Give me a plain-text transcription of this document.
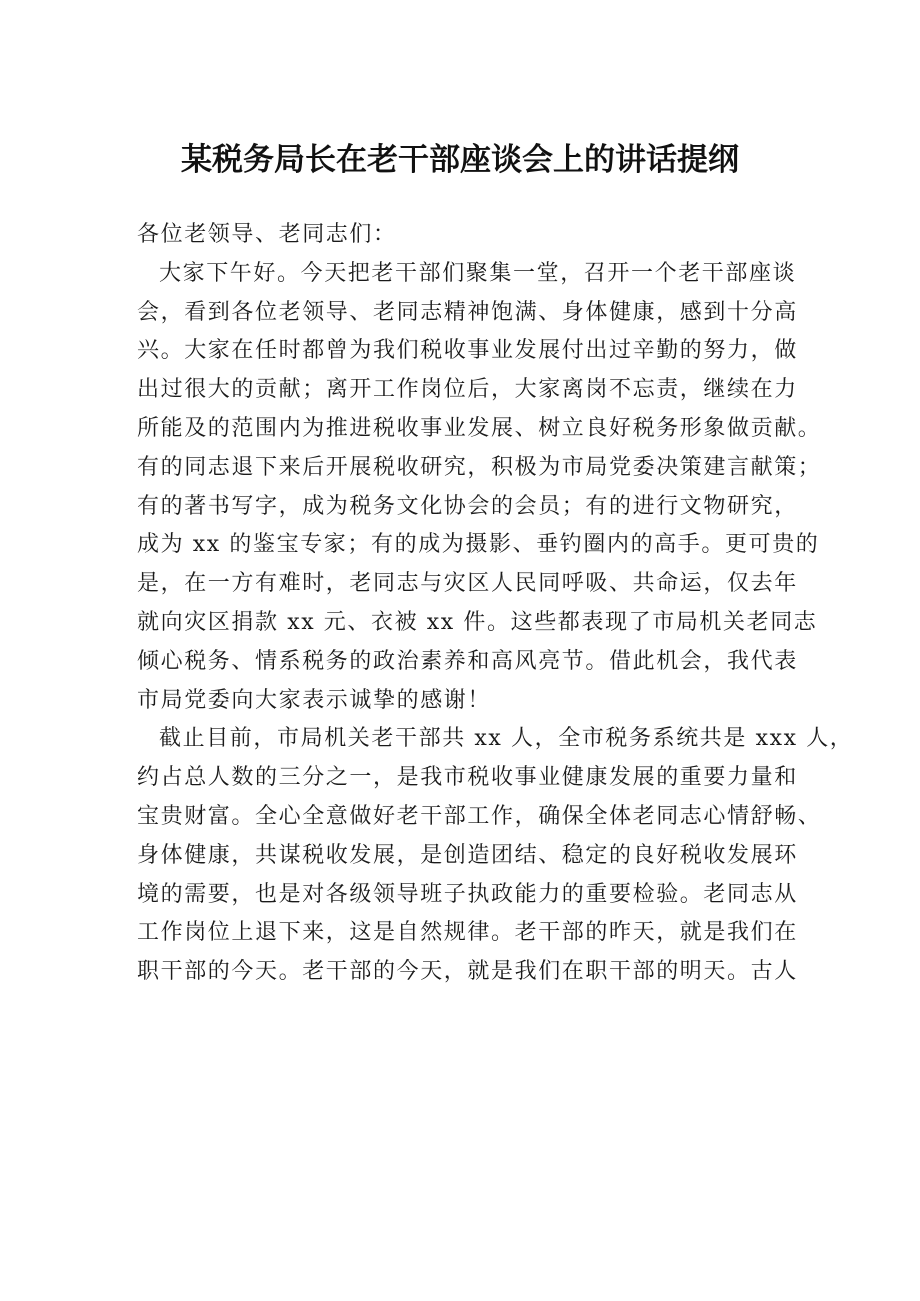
某税务局长在老干部座谈会上的讲话提纲
各位老领导、老同志们：
大家下午好。今天把老干部们聚集一堂，召开一个老干部座谈
会，看到各位老领导、老同志精神饱满、身体健康，感到十分高
兴。大家在任时都曾为我们税收事业发展付出过辛勤的努力，做
出过很大的贡献；离开工作岗位后，大家离岗不忘责，继续在力
所能及的范围内为推进税收事业发展、树立良好税务形象做贡献。
有的同志退下来后开展税收研究，积极为市局党委决策建言献策；
有的著书写字，成为税务文化协会的会员；有的进行文物研究，
成为 xx 的鉴宝专家；有的成为摄影、垂钓圈内的高手。更可贵的
是，在一方有难时，老同志与灾区人民同呼吸、共命运，仅去年
就向灾区捐款 xx 元、衣被 xx 件。这些都表现了市局机关老同志
倾心税务、情系税务的政治素养和高风亮节。借此机会，我代表
市局党委向大家表示诚挚的感谢！
截止目前，市局机关老干部共 xx 人，全市税务系统共是 xxx 人，
约占总人数的三分之一，是我市税收事业健康发展的重要力量和
宝贵财富。全心全意做好老干部工作，确保全体老同志心情舒畅、
身体健康，共谋税收发展，是创造团结、稳定的良好税收发展环
境的需要，也是对各级领导班子执政能力的重要检验。老同志从
工作岗位上退下来，这是自然规律。老干部的昨天，就是我们在
职干部的今天。老干部的今天，就是我们在职干部的明天。古人
